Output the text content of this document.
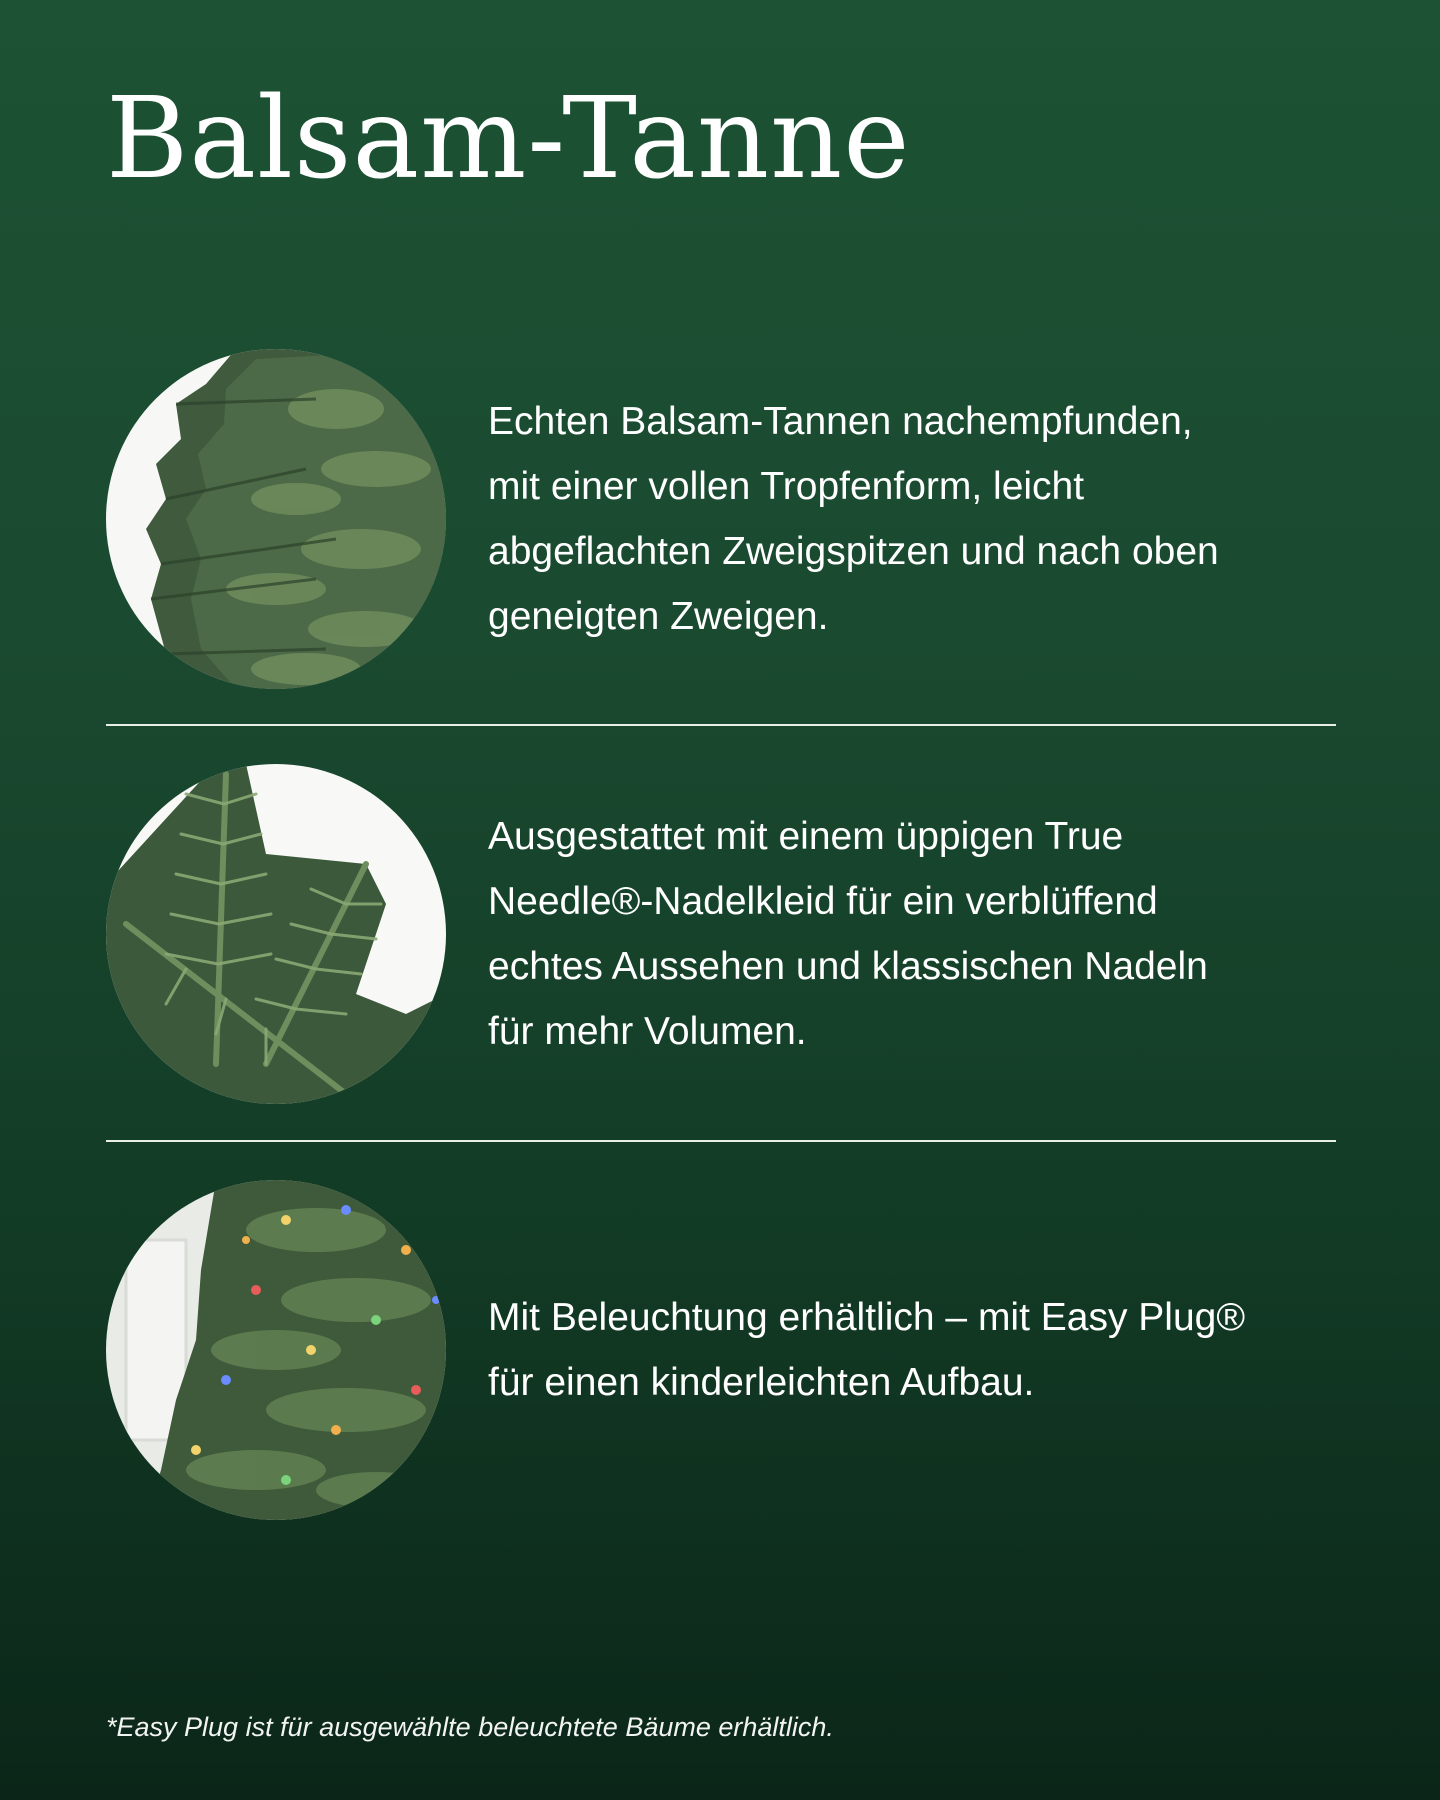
Balsam-Tanne

Echten Balsam-Tannen nachempfunden,
mit einer vollen Tropfenform, leicht
abgeflachten Zweigspitzen und nach oben
geneigten Zweigen.

Ausgestattet mit einem üppigen True
Needle®-Nadelkleid für ein verblüffend
echtes Aussehen und klassischen Nadeln
für mehr Volumen.

Mit Beleuchtung erhältlich – mit Easy Plug®
für einen kinderleichten Aufbau.

*Easy Plug ist für ausgewählte beleuchtete Bäume erhältlich.
